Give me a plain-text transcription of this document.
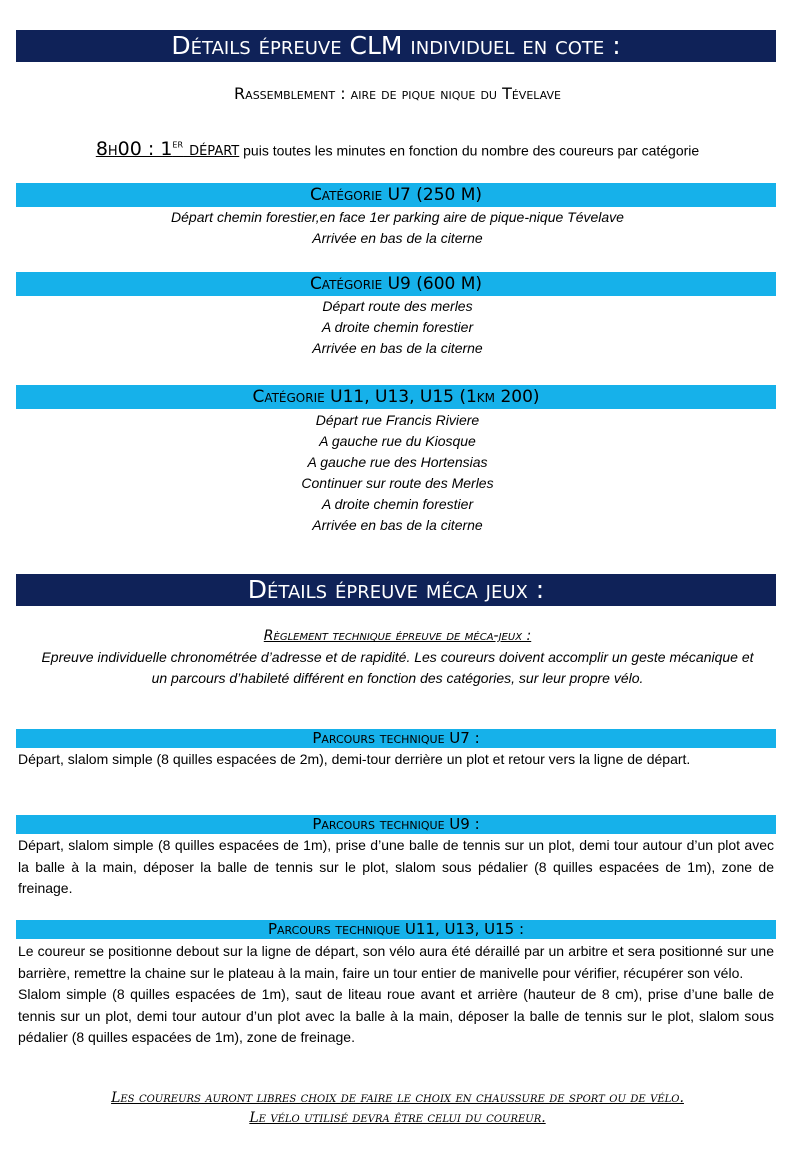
Détails épreuve CLM individuel en cote :
Rassemblement : aire de pique nique du Tévelave
8h00 : 1er départ puis toutes les minutes en fonction du nombre des coureurs par catégorie
Catégorie U7 (250 M)
Départ chemin forestier,en face 1er parking aire de pique-nique Tévelave
Arrivée en bas de la citerne
Catégorie U9 (600 M)
Départ route des merles
A droite chemin forestier
Arrivée en bas de la citerne
Catégorie U11, U13, U15 (1km 200)
Départ rue Francis Riviere
A gauche rue du Kiosque
A gauche rue des Hortensias
Continuer sur route des Merles
A droite chemin forestier
Arrivée en bas de la citerne
Détails épreuve méca jeux :
Règlement technique épreuve de méca-jeux :
Epreuve individuelle chronométrée d’adresse et de rapidité. Les coureurs doivent accomplir un geste mécanique et un parcours d’habileté différent en fonction des catégories, sur leur propre vélo.
Parcours technique U7 :
Départ, slalom simple (8 quilles espacées de 2m), demi-tour derrière un plot et retour vers la ligne de départ.
Parcours technique U9 :
Départ, slalom simple (8 quilles espacées de 1m), prise d’une balle de tennis sur un plot, demi tour autour d’un plot avec la balle à la main, déposer la balle de tennis sur le plot, slalom sous pédalier (8 quilles espacées de 1m), zone de freinage.
Parcours technique U11, U13, U15 :
Le coureur se positionne debout sur la ligne de départ, son vélo aura été déraillé par un arbitre et sera positionné sur une barrière, remettre la chaine sur le plateau à la main, faire un tour entier de manivelle pour vérifier, récupérer son vélo.
Slalom simple (8 quilles espacées de 1m), saut de liteau roue avant et arrière (hauteur de 8 cm), prise d’une balle de tennis sur un plot, demi tour autour d’un plot avec la balle à la main, déposer la balle de tennis sur le plot, slalom sous pédalier (8 quilles espacées de 1m), zone de freinage.
Les coureurs auront libres choix de faire le choix en chaussure de sport ou de vélo.
Le vélo utilisé devra être celui du coureur.
